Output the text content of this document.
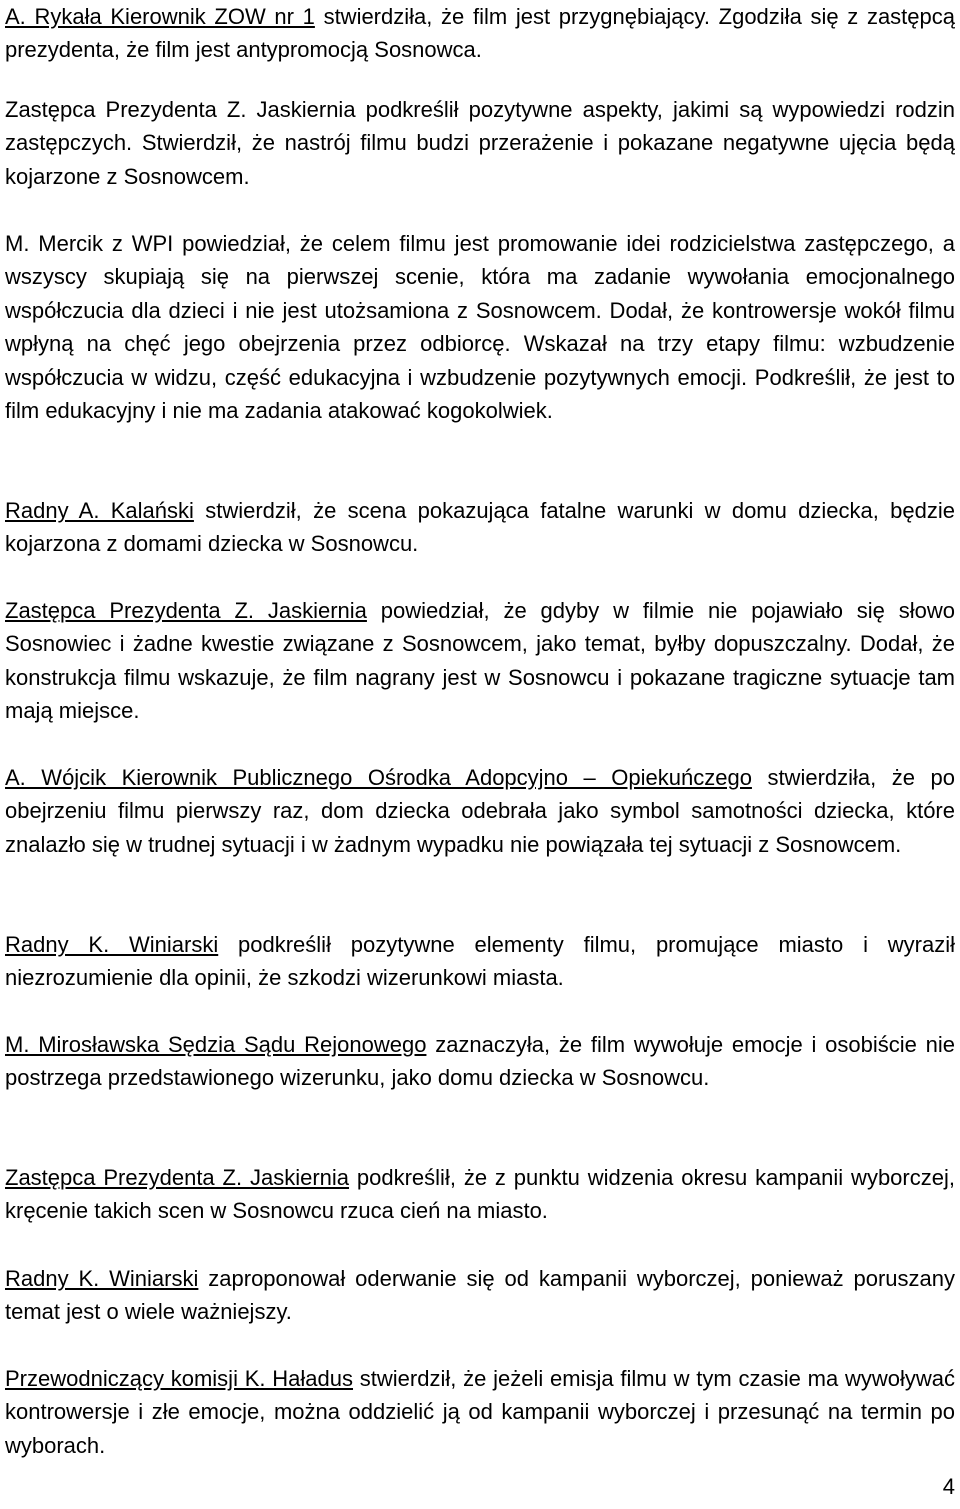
A. Rykała Kierownik ZOW nr 1 stwierdziła, że film jest przygnębiający. Zgodziła się z zastępcą prezydenta, że film jest antypromocją Sosnowca.

Zastępca Prezydenta Z. Jaskiernia podkreślił pozytywne aspekty, jakimi są wypowiedzi rodzin zastępczych. Stwierdził, że nastrój filmu budzi przerażenie i pokazane negatywne ujęcia będą kojarzone z Sosnowcem.

M. Mercik z WPI powiedział, że celem filmu jest promowanie idei rodzicielstwa zastępczego, a wszyscy skupiają się na pierwszej scenie, która ma zadanie wywołania emocjonalnego współczucia dla dzieci i nie jest utożsamiona z Sosnowcem. Dodał, że kontrowersje wokół filmu wpłyną na chęć jego obejrzenia przez odbiorcę. Wskazał na trzy etapy filmu: wzbudzenie współczucia w widzu, część edukacyjna i wzbudzenie pozytywnych emocji. Podkreślił, że jest to film edukacyjny i nie ma zadania atakować kogokolwiek.

Radny A. Kalański stwierdził, że scena pokazująca fatalne warunki w domu dziecka, będzie kojarzona z domami dziecka w Sosnowcu.

Zastępca Prezydenta Z. Jaskiernia powiedział, że gdyby w filmie nie pojawiało się słowo Sosnowiec i żadne kwestie związane z Sosnowcem, jako temat, byłby dopuszczalny. Dodał, że konstrukcja filmu wskazuje, że film nagrany jest w Sosnowcu i pokazane tragiczne sytuacje tam mają miejsce.

A. Wójcik Kierownik Publicznego Ośrodka Adopcyjno – Opiekuńczego stwierdziła, że po obejrzeniu filmu pierwszy raz, dom dziecka odebrała jako symbol samotności dziecka, które znalazło się w trudnej sytuacji i w żadnym wypadku nie powiązała tej sytuacji z Sosnowcem.

Radny K. Winiarski podkreślił pozytywne elementy filmu, promujące miasto i wyraził niezrozumienie dla opinii, że szkodzi wizerunkowi miasta.

M. Mirosławska Sędzia Sądu Rejonowego zaznaczyła, że film wywołuje emocje i osobiście nie postrzega przedstawionego wizerunku, jako domu dziecka w Sosnowcu.

Zastępca Prezydenta Z. Jaskiernia podkreślił, że z punktu widzenia okresu kampanii wyborczej, kręcenie takich scen w Sosnowcu rzuca cień na miasto.

Radny K. Winiarski zaproponował oderwanie się od kampanii wyborczej, ponieważ poruszany temat jest o wiele ważniejszy.

Przewodniczący komisji K. Haładus stwierdził, że jeżeli emisja filmu w tym czasie ma wywoływać kontrowersje i złe emocje, można oddzielić ją od kampanii wyborczej i przesunąć na termin po wyborach.

4
